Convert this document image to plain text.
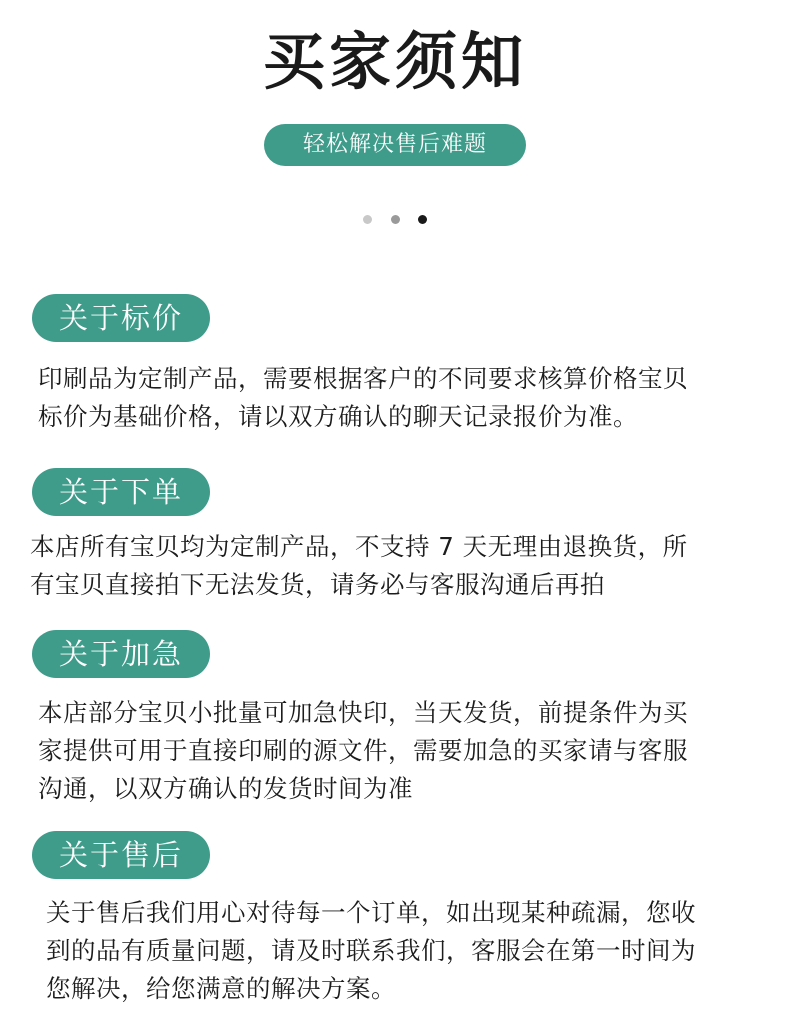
买家须知
轻松解决售后难题
关于标价
印刷品为定制产品，需要根据客户的不同要求核算价格宝贝
标价为基础价格，请以双方确认的聊天记录报价为准。
关于下单
本店所有宝贝均为定制产品，不支持 7 天无理由退换货，所
有宝贝直接拍下无法发货，请务必与客服沟通后再拍
关于加急
本店部分宝贝小批量可加急快印，当天发货，前提条件为买
家提供可用于直接印刷的源文件，需要加急的买家请与客服
沟通，以双方确认的发货时间为准
关于售后
关于售后我们用心对待每一个订单，如出现某种疏漏，您收
到的品有质量问题，请及时联系我们，客服会在第一时间为
您解决，给您满意的解决方案。
